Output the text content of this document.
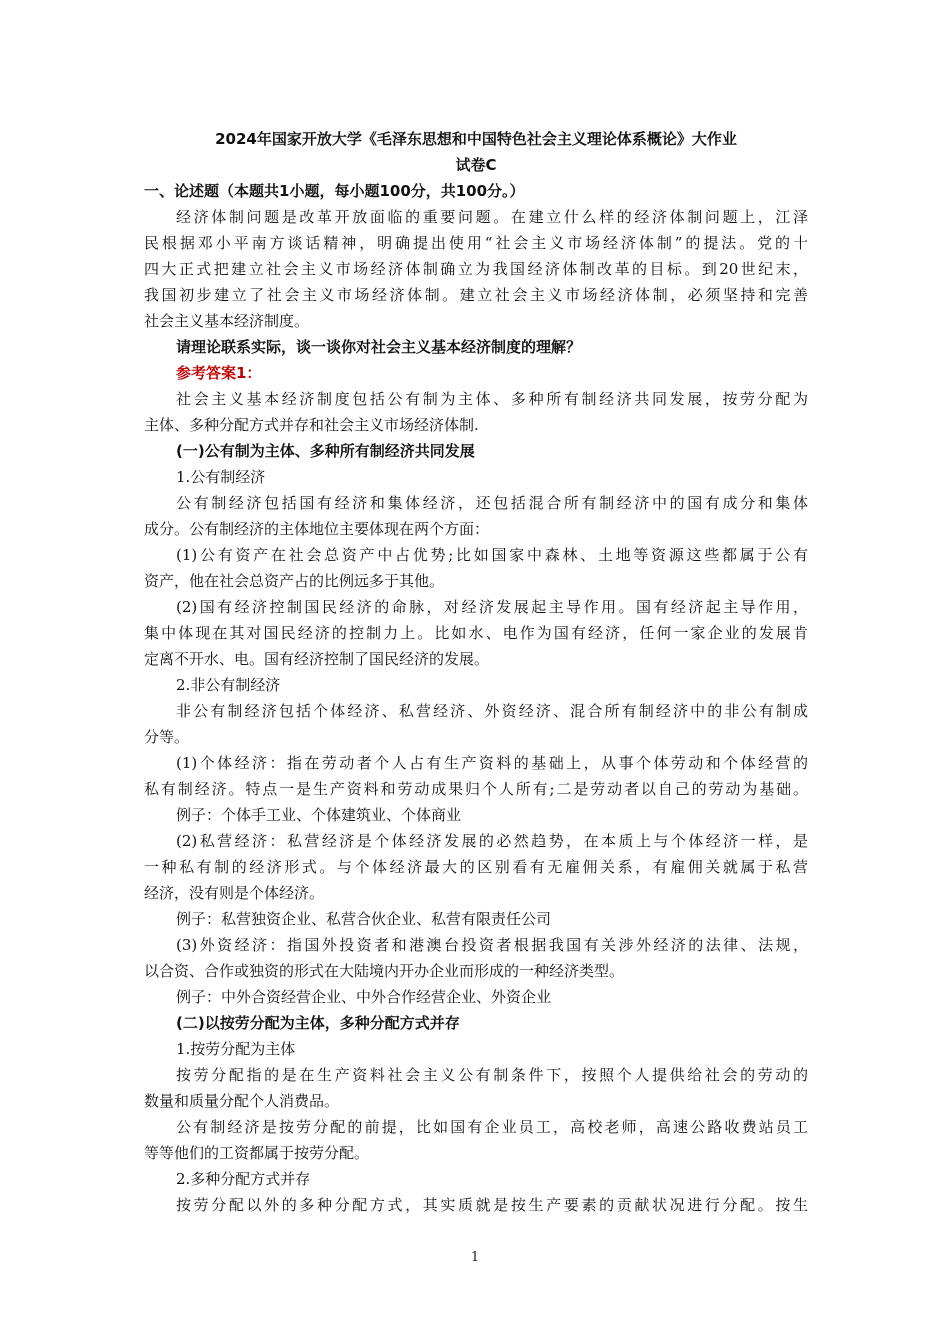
2024年国家开放大学《毛泽东思想和中国特色社会主义理论体系概论》大作业
试卷C
一、论述题（本题共1小题，每小题100分，共100分。）
经济体制问题是改革开放面临的重要问题。在建立什么样的经济体制问题上，江泽
民根据邓小平南方谈话精神，明确提出使用“社会主义市场经济体制”的提法。党的十
四大正式把建立社会主义市场经济体制确立为我国经济体制改革的目标。到20世纪末，
我国初步建立了社会主义市场经济体制。建立社会主义市场经济体制，必须坚持和完善
社会主义基本经济制度。
请理论联系实际，谈一谈你对社会主义基本经济制度的理解？
参考答案1：
社会主义基本经济制度包括公有制为主体、多种所有制经济共同发展，按劳分配为
主体、多种分配方式并存和社会主义市场经济体制.
(一)公有制为主体、多种所有制经济共同发展
1.公有制经济
公有制经济包括国有经济和集体经济，还包括混合所有制经济中的国有成分和集体
成分。公有制经济的主体地位主要体现在两个方面：
(1)公有资产在社会总资产中占优势;比如国家中森林、土地等资源这些都属于公有
资产，他在社会总资产占的比例远多于其他。
(2)国有经济控制国民经济的命脉，对经济发展起主导作用。国有经济起主导作用，
集中体现在其对国民经济的控制力上。比如水、电作为国有经济，任何一家企业的发展肯
定离不开水、电。国有经济控制了国民经济的发展。
2.非公有制经济
非公有制经济包括个体经济、私营经济、外资经济、混合所有制经济中的非公有制成
分等。
(1)个体经济：指在劳动者个人占有生产资料的基础上，从事个体劳动和个体经营的
私有制经济。特点一是生产资料和劳动成果归个人所有;二是劳动者以自己的劳动为基础。
例子：个体手工业、个体建筑业、个体商业
(2)私营经济：私营经济是个体经济发展的必然趋势，在本质上与个体经济一样，是
一种私有制的经济形式。与个体经济最大的区别看有无雇佣关系，有雇佣关就属于私营
经济，没有则是个体经济。
例子：私营独资企业、私营合伙企业、私营有限责任公司
(3)外资经济：指国外投资者和港澳台投资者根据我国有关涉外经济的法律、法规，
以合资、合作或独资的形式在大陆境内开办企业而形成的一种经济类型。
例子：中外合资经营企业、中外合作经营企业、外资企业
(二)以按劳分配为主体，多种分配方式并存
1.按劳分配为主体
按劳分配指的是在生产资料社会主义公有制条件下，按照个人提供给社会的劳动的
数量和质量分配个人消费品。
公有制经济是按劳分配的前提，比如国有企业员工，高校老师，高速公路收费站员工
等等他们的工资都属于按劳分配。
2.多种分配方式并存
按劳分配以外的多种分配方式，其实质就是按生产要素的贡献状况进行分配。按生
1
